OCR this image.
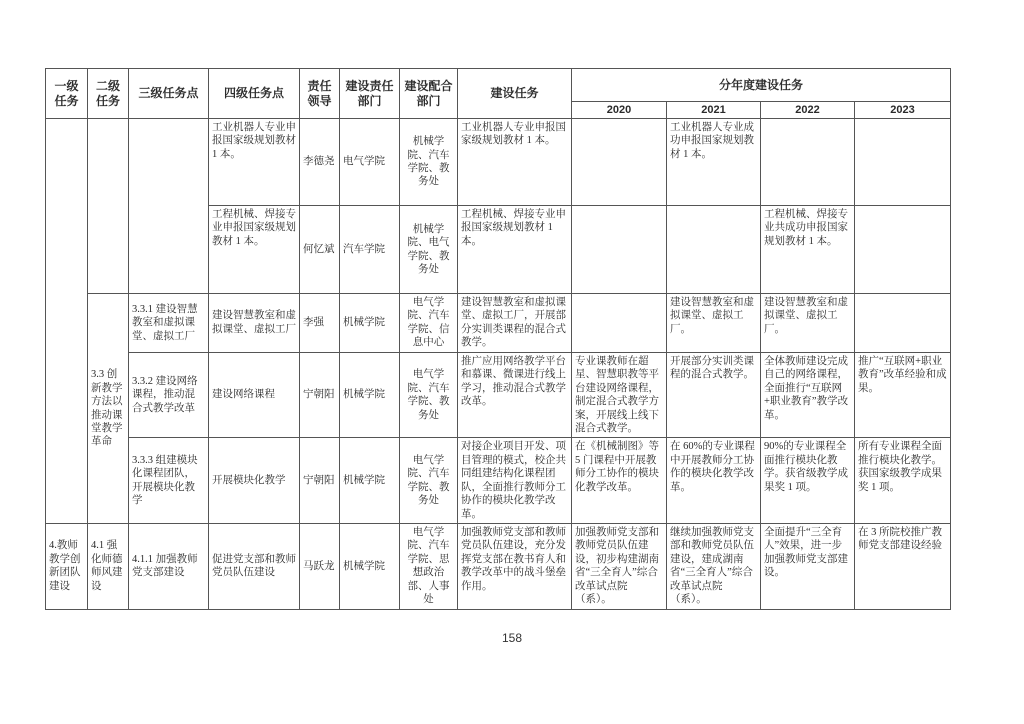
一级任务	二级任务	三级任务点	四级任务点	责任领导	建设责任部门	建设配合部门	建设任务	分年度建设任务			
								2020	2021	2022	2023
			工业机器人专业申报国家级规划教材 1 本。	李德尧	电气学院	机械学院、汽车学院、教务处	工业机器人专业申报国家级规划教材 1 本。		工业机器人专业成功申报国家规划教材 1 本。		
			工程机械、焊接专业申报国家级规划教材 1 本。	何忆斌	汽车学院	机械学院、电气学院、教务处	工程机械、焊接专业申报国家级规划教材 1 本。			工程机械、焊接专业共成功申报国家规划教材 1 本。	
	3.3 创新教学方法以推动课堂教学革命	3.3.1 建设智慧教室和虚拟课堂、虚拟工厂	建设智慧教室和虚拟课堂、虚拟工厂	李强	机械学院	电气学院、汽车学院、信息中心	建设智慧教室和虚拟课堂、虚拟工厂，开展部分实训类课程的混合式教学。		建设智慧教室和虚拟课堂、虚拟工厂。	建设智慧教室和虚拟课堂、虚拟工厂。	
		3.3.2 建设网络课程，推动混合式教学改革	建设网络课程	宁朝阳	机械学院	电气学院、汽车学院、教务处	推广应用网络教学平台和慕课、微课进行线上学习，推动混合式教学改革。	专业课教师在超星、智慧职教等平台建设网络课程，制定混合式教学方案，开展线上线下混合式教学。	开展部分实训类课程的混合式教学。	全体教师建设完成自己的网络课程，全面推行“互联网+职业教育”教学改革。	推广“互联网+职业教育”改革经验和成果。
		3.3.3 组建模块化课程团队，开展模块化教学	开展模块化教学	宁朝阳	机械学院	电气学院、汽车学院、教务处	对接企业项目开发、项目管理的模式，校企共同组建结构化课程团队，全面推行教师分工协作的模块化教学改革。	在《机械制图》等 5 门课程中开展教师分工协作的模块化教学改革。	在 60%的专业课程中开展教师分工协作的模块化教学改革。	90%的专业课程全面推行模块化教学。获省级教学成果奖 1 项。	所有专业课程全面推行模块化教学。获国家级教学成果奖 1 项。
4.教师教学创新团队建设	4.1 强化师德师风建设	4.1.1 加强教师党支部建设	促进党支部和教师党员队伍建设	马跃龙	机械学院	电气学院、汽车学院、思想政治部、人事处	加强教师党支部和教师党员队伍建设，充分发挥党支部在教书育人和教学改革中的战斗堡垒作用。	加强教师党支部和教师党员队伍建设，初步构建湖南省“三全育人”综合改革试点院（系）。	继续加强教师党支部和教师党员队伍建设，建成湖南省“三全育人”综合改革试点院（系）。	全面提升“三全育人”效果，进一步加强教师党支部建设。	在 3 所院校推广教师党支部建设经验
158
